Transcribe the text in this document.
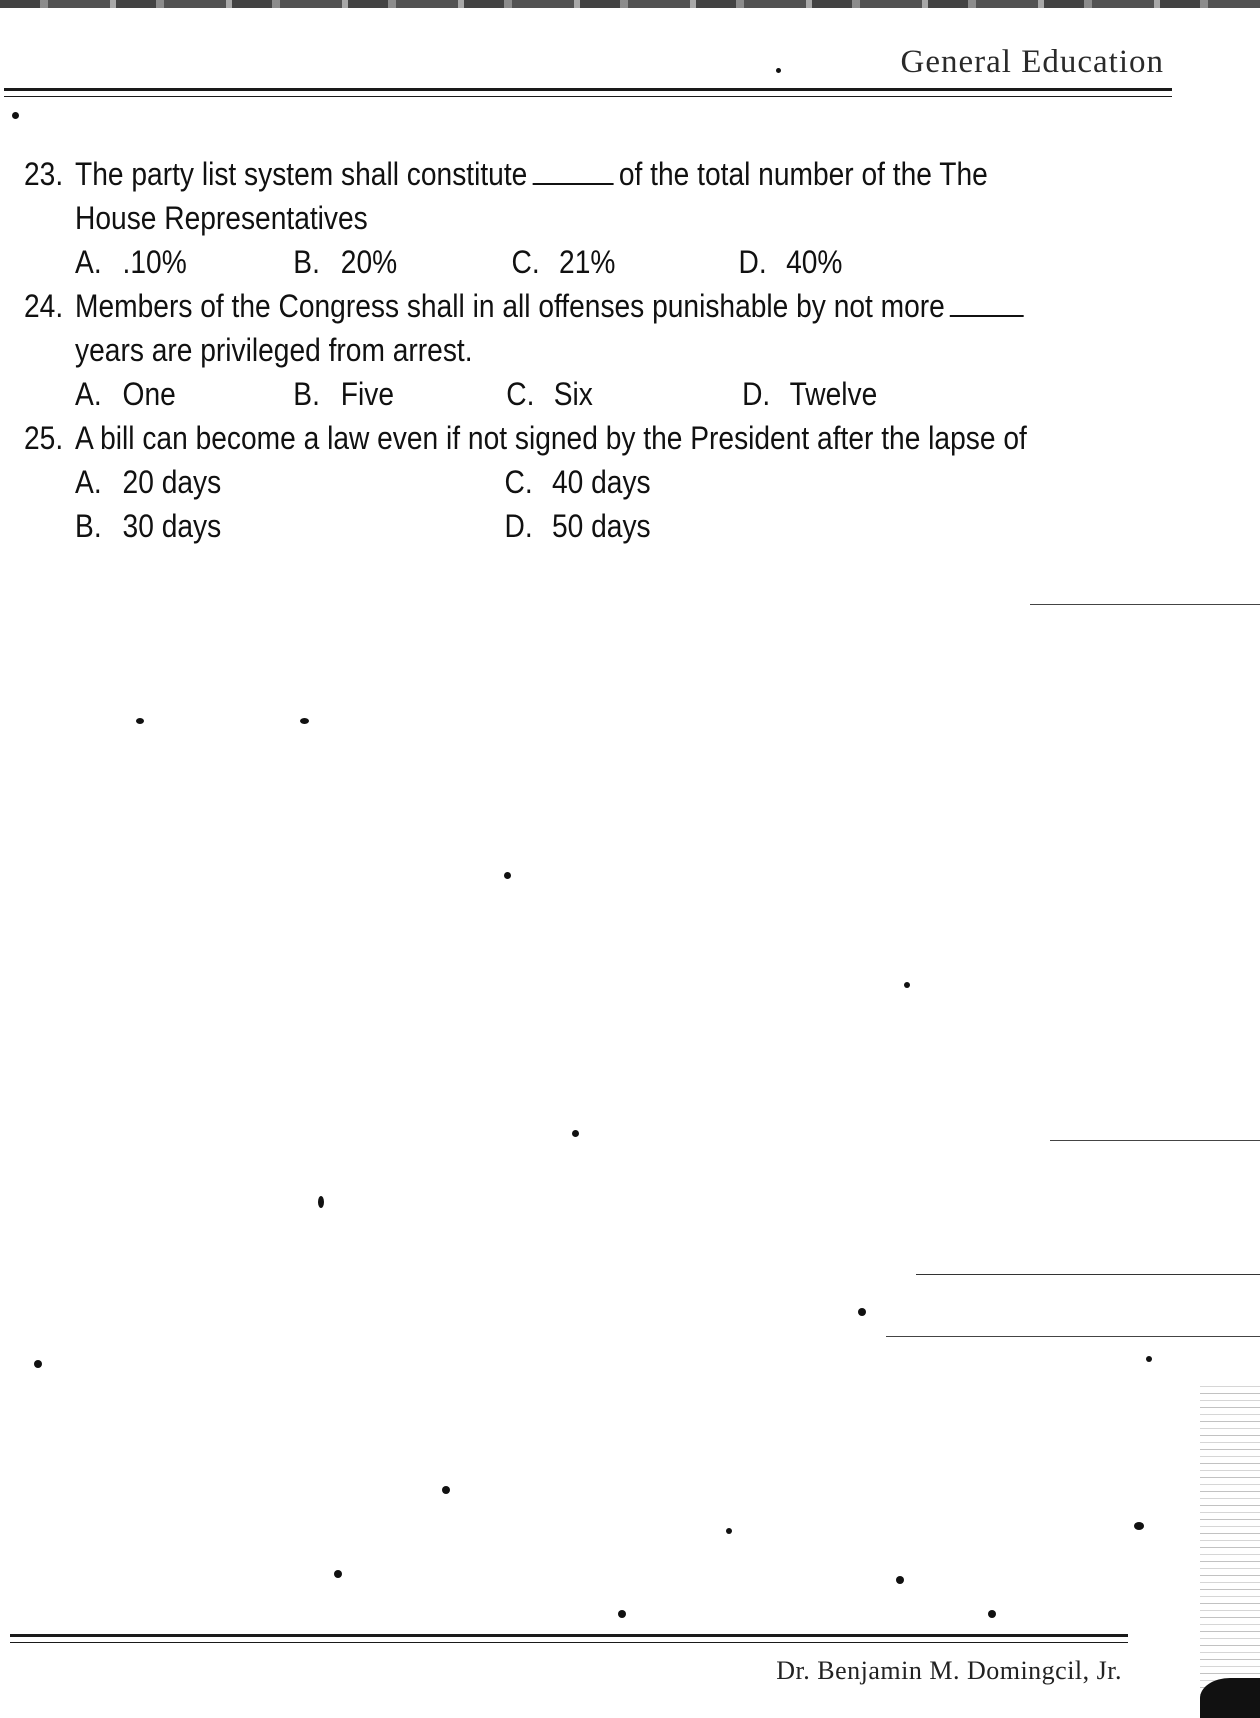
General Education
23. The party list system shall constitute	of the total number of the The
House Representatives
A. .10%	B. 20%	C. 21%	D. 40%
24. Members of the Congress shall in all offenses punishable by not more
years are privileged from arrest.
A. One	B. Five	C. Six	D. Twelve
25. A bill can become a law even if not signed by the President after the lapse of
A. 20 days
B. 30 days
C. 40 days
D. 50 days
Dr. Benjamin M. Domingcil, Jr.
